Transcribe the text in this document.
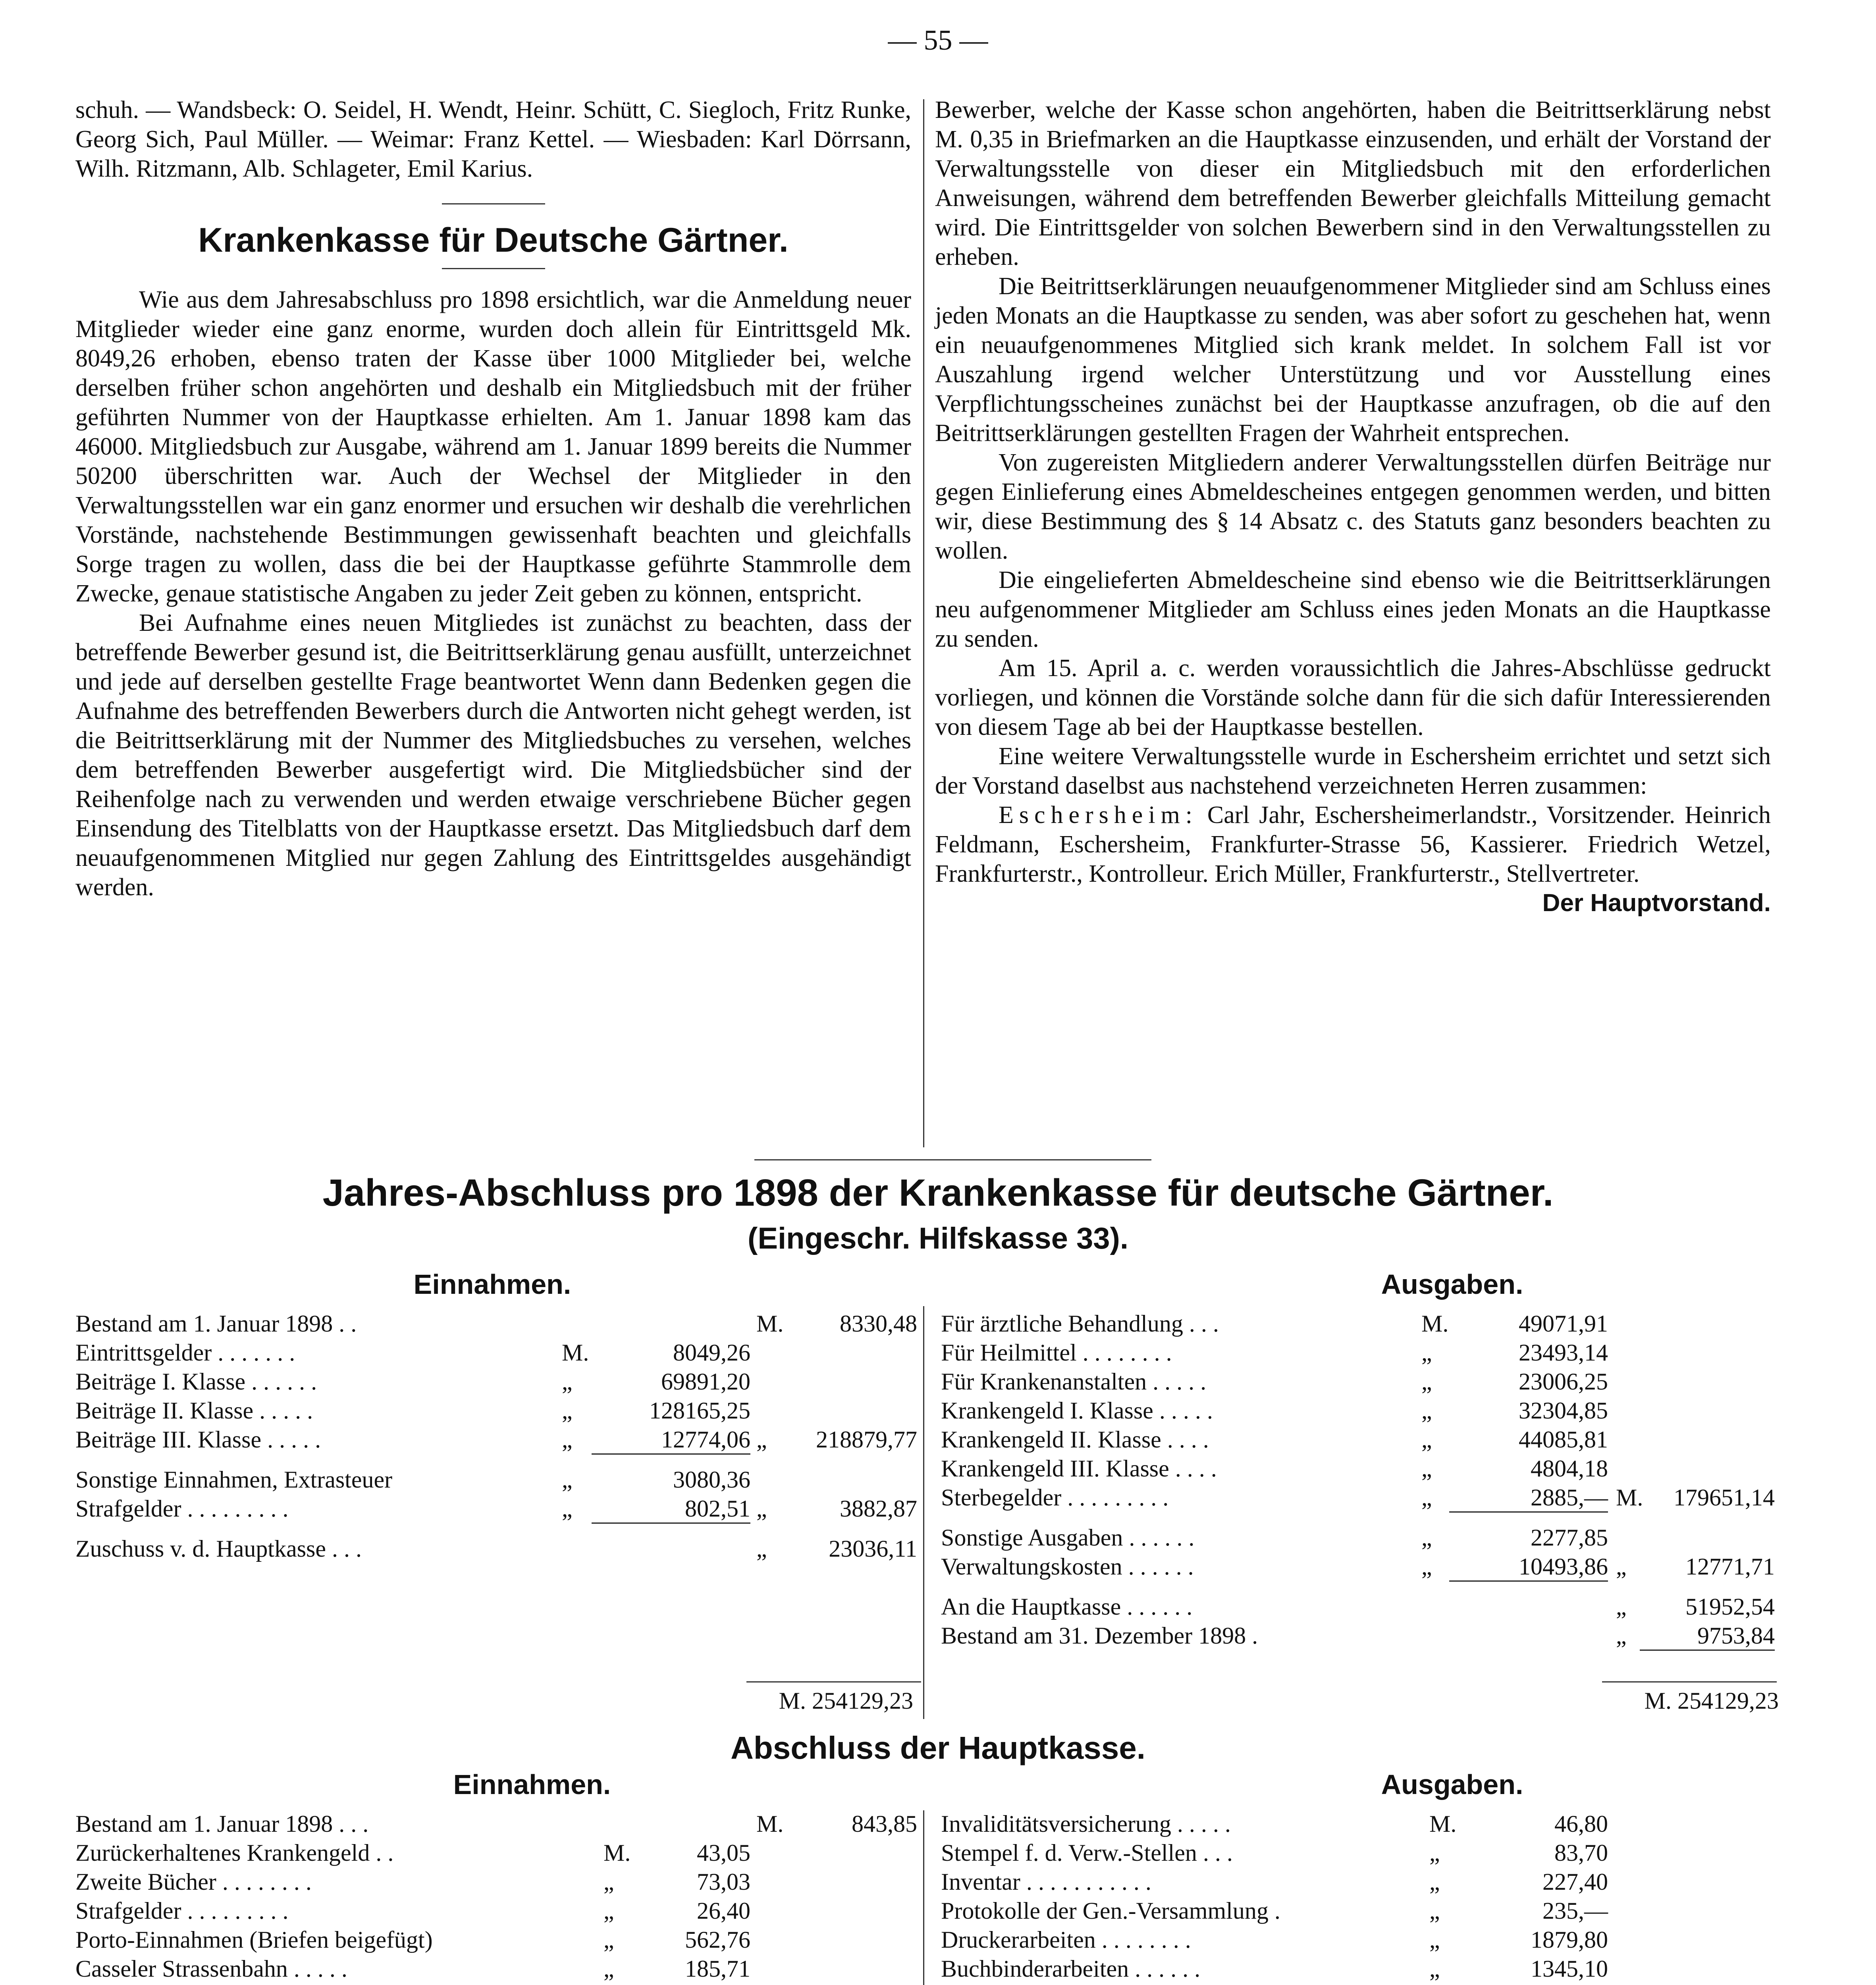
— 55 —

schuh. — Wandsbeck: O. Seidel, H. Wendt, Heinr. Schütt, C. Siegloch, Fritz Runke, Georg Sich, Paul Müller. — Weimar: Franz Kettel. — Wiesbaden: Karl Dörrsann, Wilh. Ritzmann, Alb. Schlageter, Emil Karius.

Krankenkasse für Deutsche Gärtner.

Wie aus dem Jahresabschluss pro 1898 ersichtlich, war die Anmeldung neuer Mitglieder wieder eine ganz enorme, wurden doch allein für Eintrittsgeld Mk. 8049,26 erhoben, ebenso traten der Kasse über 1000 Mitglieder bei, welche derselben früher schon angehörten und deshalb ein Mitgliedsbuch mit der früher geführten Nummer von der Hauptkasse erhielten. Am 1. Januar 1898 kam das 46000. Mitgliedsbuch zur Ausgabe, während am 1. Januar 1899 bereits die Nummer 50200 überschritten war. Auch der Wechsel der Mitglieder in den Verwaltungsstellen war ein ganz enormer und ersuchen wir deshalb die verehrlichen Vorstände, nachstehende Bestimmungen gewissenhaft beachten und gleichfalls Sorge tragen zu wollen, dass die bei der Hauptkasse geführte Stammrolle dem Zwecke, genaue statistische Angaben zu jeder Zeit geben zu können, entspricht.

Bei Aufnahme eines neuen Mitgliedes ist zunächst zu beachten, dass der betreffende Bewerber gesund ist, die Beitrittserklärung genau ausfüllt, unterzeichnet und jede auf derselben gestellte Frage beantwortet Wenn dann Bedenken gegen die Aufnahme des betreffenden Bewerbers durch die Antworten nicht gehegt werden, ist die Beitrittserklärung mit der Nummer des Mitgliedsbuches zu versehen, welches dem betreffenden Bewerber ausgefertigt wird. Die Mitgliedsbücher sind der Reihenfolge nach zu verwenden und werden etwaige verschriebene Bücher gegen Einsendung des Titelblatts von der Hauptkasse ersetzt. Das Mitgliedsbuch darf dem neuaufgenommenen Mitglied nur gegen Zahlung des Eintrittsgeldes ausgehändigt werden.

Bewerber, welche der Kasse schon angehörten, haben die Beitrittserklärung nebst M. 0,35 in Briefmarken an die Hauptkasse einzusenden, und erhält der Vorstand der Verwaltungsstelle von dieser ein Mitgliedsbuch mit den erforderlichen Anweisungen, während dem betreffenden Bewerber gleichfalls Mitteilung gemacht wird. Die Eintrittsgelder von solchen Bewerbern sind in den Verwaltungsstellen zu erheben.

Die Beitrittserklärungen neuaufgenommener Mitglieder sind am Schluss eines jeden Monats an die Hauptkasse zu senden, was aber sofort zu geschehen hat, wenn ein neuaufgenommenes Mitglied sich krank meldet. In solchem Fall ist vor Auszahlung irgend welcher Unterstützung und vor Ausstellung eines Verpflichtungsscheines zunächst bei der Hauptkasse anzufragen, ob die auf den Beitrittserklärungen gestellten Fragen der Wahrheit entsprechen.

Von zugereisten Mitgliedern anderer Verwaltungsstellen dürfen Beiträge nur gegen Einlieferung eines Abmeldescheines entgegen genommen werden, und bitten wir, diese Bestimmung des § 14 Absatz c. des Statuts ganz besonders beachten zu wollen.

Die eingelieferten Abmeldescheine sind ebenso wie die Beitrittserklärungen neu aufgenommener Mitglieder am Schluss eines jeden Monats an die Hauptkasse zu senden.

Am 15. April a. c. werden voraussichtlich die Jahres-Abschlüsse gedruckt vorliegen, und können die Vorstände solche dann für die sich dafür Interessierenden von diesem Tage ab bei der Hauptkasse bestellen.

Eine weitere Verwaltungsstelle wurde in Eschersheim errichtet und setzt sich der Vorstand daselbst aus nachstehend verzeichneten Herren zusammen:

Eschersheim: Carl Jahr, Eschersheimerlandstr., Vorsitzender. Heinrich Feldmann, Eschersheim, Frankfurter-Strasse 56, Kassierer. Friedrich Wetzel, Frankfurterstr., Kontrolleur. Erich Müller, Frankfurterstr., Stellvertreter.

Der Hauptvorstand.

Jahres-Abschluss pro 1898 der Krankenkasse für deutsche Gärtner.
(Eingeschr. Hilfskasse 33).
Einnahmen.	Ausgaben.
Bestand am 1. Januar 1898 . .	M.	8330,48
Eintrittsgelder . . . . . . .	M.	8049,26
Beiträge I. Klasse . . . . . .	„	69891,20
Beiträge II. Klasse . . . . .	„	128165,25
Beiträge III. Klasse . . . . .	„	12774,06 „	218879,77
Sonstige Einnahmen, Extrasteuer	„	3080,36
Strafgelder . . . . . . . . .	„	802,51 „	3882,87
Zuschuss v. d. Hauptkasse . . .	„	23036,11
Für ärztliche Behandlung . . .	M.	49071,91
Für Heilmittel . . . . . . . .	„	23493,14
Für Krankenanstalten . . . . .	„	23006,25
Krankengeld I. Klasse . . . . .	„	32304,85
Krankengeld II. Klasse . . . .	„	44085,81
Krankengeld III. Klasse . . . .	„	4804,18
Sterbegelder . . . . . . . . .	„	2885,— M.	179651,14
Sonstige Ausgaben . . . . . .	„	2277,85
Verwaltungskosten . . . . . .	„	10493,86 „	12771,71
An die Hauptkasse . . . . . .	„	51952,54
Bestand am 31. Dezember 1898 .	„	9753,84
M. 254129,23	M. 254129,23
Abschluss der Hauptkasse.
Einnahmen.	Ausgaben.
Bestand am 1. Januar 1898 . . .	M.	843,85
Zurückerhaltenes Krankengeld . .	M.	43,05
Zweite Bücher . . . . . . . .	„	73,03
Strafgelder . . . . . . . . .	„	26,40
Porto-Einnahmen (Briefen beigefügt)	„	562,76
Casseler Strassenbahn . . . . .	„	185,71
Invaliditätsversicherung . . . . .	M.	46,80
Stempel f. d. Verw.-Stellen . . .	„	83,70
Inventar . . . . . . . . . . .	„	227,40
Protokolle der Gen.-Versammlung .	„	235,—
Druckerarbeiten . . . . . . . .	„	1879,80
Buchbinderarbeiten . . . . . .	„	1345,10
